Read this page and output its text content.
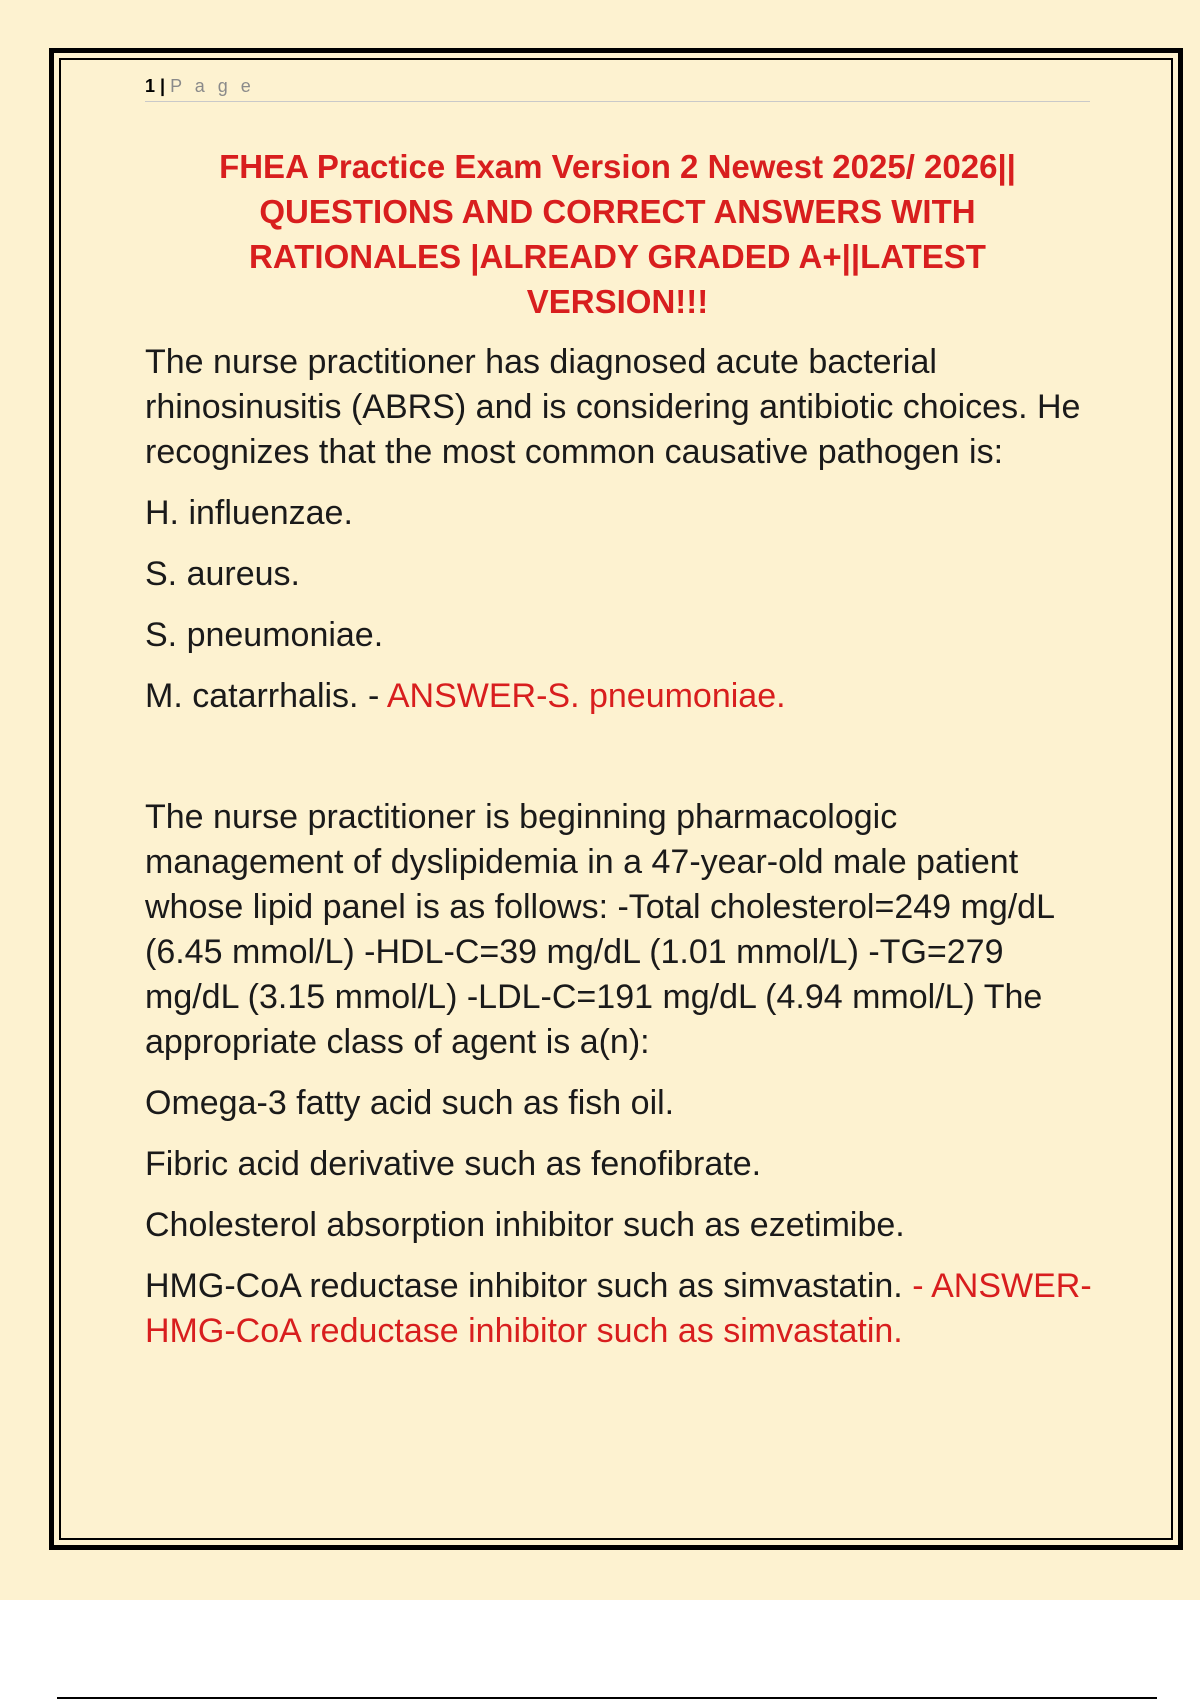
1 | P a g e
FHEA Practice Exam Version 2 Newest 2025/ 2026||
QUESTIONS AND CORRECT ANSWERS WITH
RATIONALES |ALREADY GRADED A+||LATEST
VERSION!!!

The nurse practitioner has diagnosed acute bacterial rhinosinusitis (ABRS) and is considering antibiotic choices. He recognizes that the most common causative pathogen is:

H. influenzae.

S. aureus.

S. pneumoniae.

M. catarrhalis. - ANSWER-S. pneumoniae.

The nurse practitioner is beginning pharmacologic management of dyslipidemia in a 47-year-old male patient whose lipid panel is as follows: -Total cholesterol=249 mg/dL (6.45 mmol/L) -HDL-C=39 mg/dL (1.01 mmol/L) -TG=279 mg/dL (3.15 mmol/L) -LDL-C=191 mg/dL (4.94 mmol/L) The appropriate class of agent is a(n):

Omega-3 fatty acid such as fish oil.

Fibric acid derivative such as fenofibrate.

Cholesterol absorption inhibitor such as ezetimibe.

HMG-CoA reductase inhibitor such as simvastatin. - ANSWER-HMG-CoA reductase inhibitor such as simvastatin.
